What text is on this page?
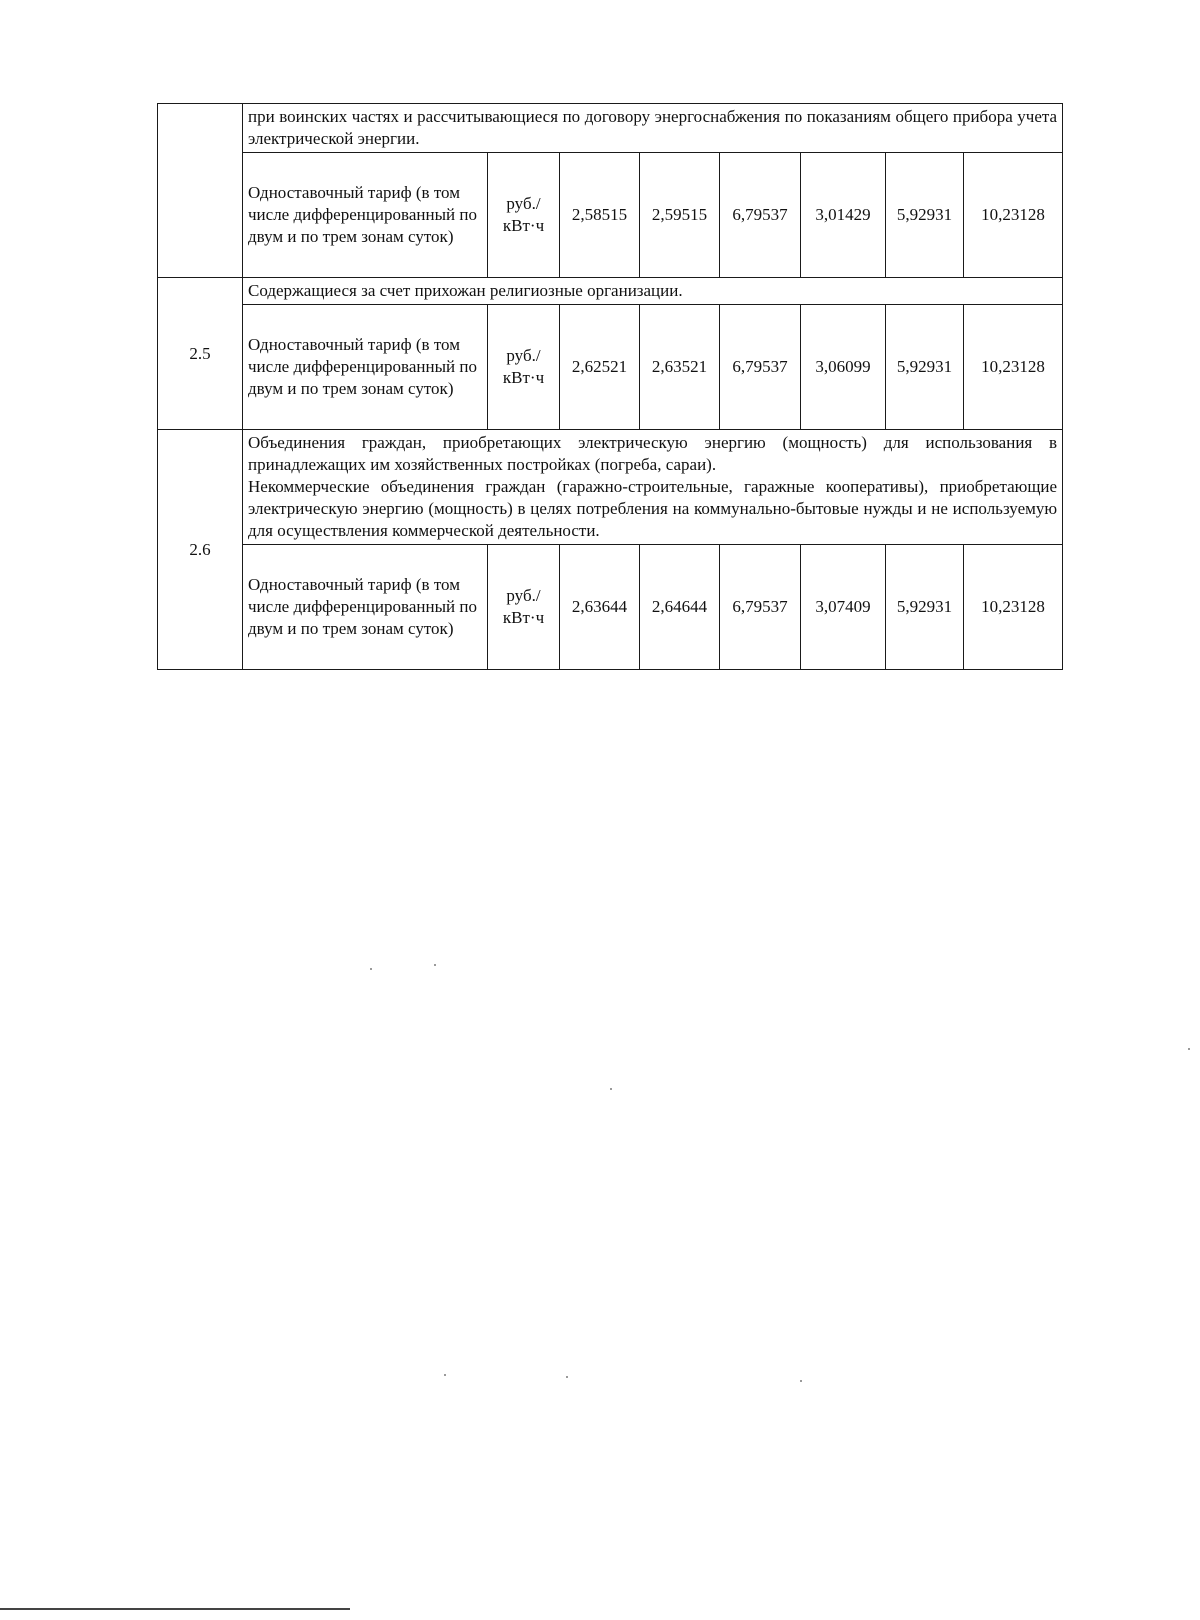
	при воинских частях и рассчитывающиеся по договору энергоснабжения по показаниям общего прибора учета электрической энергии.							

	Одноставочный тариф (в том числе дифференцированный по двум и по трем зонам суток)	руб./ кВт·ч	2,58515	2,59515	6,79537	3,01429	5,92931	10,23128
2.5	Содержащиеся за счет прихожан религиозные организации.							

	Одноставочный тариф (в том числе дифференцированный по двум и по трем зонам суток)	руб./ кВт·ч	2,62521	2,63521	6,79537	3,06099	5,92931	10,23128
2.6	Объединения граждан, приобретающих электрическую энергию (мощность) для использования в принадлежащих им хозяйственных постройках (погреба, сараи).

Некоммерческие объединения граждан (гаражно-строительные, гаражные кооперативы), приобретающие электрическую энергию (мощность) в целях потребления на коммунально-бытовые нужды и не используемую для осуществления коммерческой деятельности.							

	Одноставочный тариф (в том числе дифференцированный по двум и по трем зонам суток)	руб./ кВт·ч	2,63644	2,64644	6,79537	3,07409	5,92931	10,23128
